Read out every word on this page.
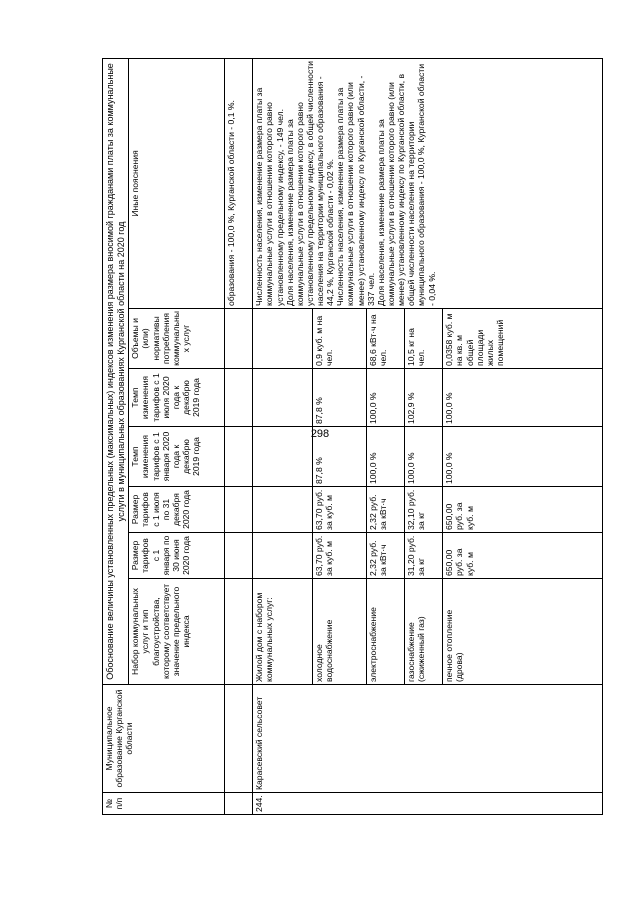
298
№
п/п	Муниципальное образование Курганской области	Обоснование величины установленных предельных (максимальных) индексов изменения размера вносимой гражданами платы за коммунальные услуги в муниципальных образованиях Курганской области на 2020 год						
		Набор коммунальных услуг и тип благоустройства, которому соответствует значение предельного индекса	Размер тарифов с 1 января по 30 июня 2020 года	Размер тарифов с 1 июля по 31 декабря 2020 года	Темп изменения тарифов с 1 января 2020 года к декабрю 2019 года	Темп изменения тарифов с 1 июля 2020 года к декабрю 2019 года	Объемы и (или) нормативы потребления коммунальных услуг	Иные пояснения
								образования - 100,0 %, Курганской области - 0,1 %.
244.	Карасевский сельсовет	Жилой дом с набором коммунальных услуг:						Численность населения, изменение размера платы за коммунальные услуги в отношении которого равно установленному предельному индексу, - 149 чел.
Доля населения, изменение размера платы за коммунальные услуги в отношении которого равно установленному предельному индексу, в общей численности населения на территории муниципального образования - 44,2 %, Курганской области - 0,02 %.
Численность населения, изменение размера платы за коммунальные услуги в отношении которого равно (или менее) установленному индексу по Курганской области, - 337 чел.
Доля населения, изменение размера платы за коммунальные услуги в отношении которого равно (или менее) установленному индексу по Курганской области, в общей численности населения на территории муниципального образования - 100,0 %, Курганской области - 0,04 %.
		холодное водоснабжение	63,70 руб. за куб. м	63,70 руб. за куб. м	87,8 %	87,8 %	0,9 куб. м на чел.	
		электроснабжение	2,32 руб. за кВт·ч	2,32 руб. за кВт·ч	100,0 %	100,0 %	68,6 кВт·ч на чел.	
		газоснабжение (сжиженный газ)	31,20 руб. за кг	32,10 руб. за кг	100,0 %	102,9 %	10,5 кг на чел.	
		печное отопление (дрова)	650,00 руб. за куб. м	650,00 руб. за куб. м	100,0 %	100,0 %	0,0358 куб. м на кв. м общей площади жилых помещений	
